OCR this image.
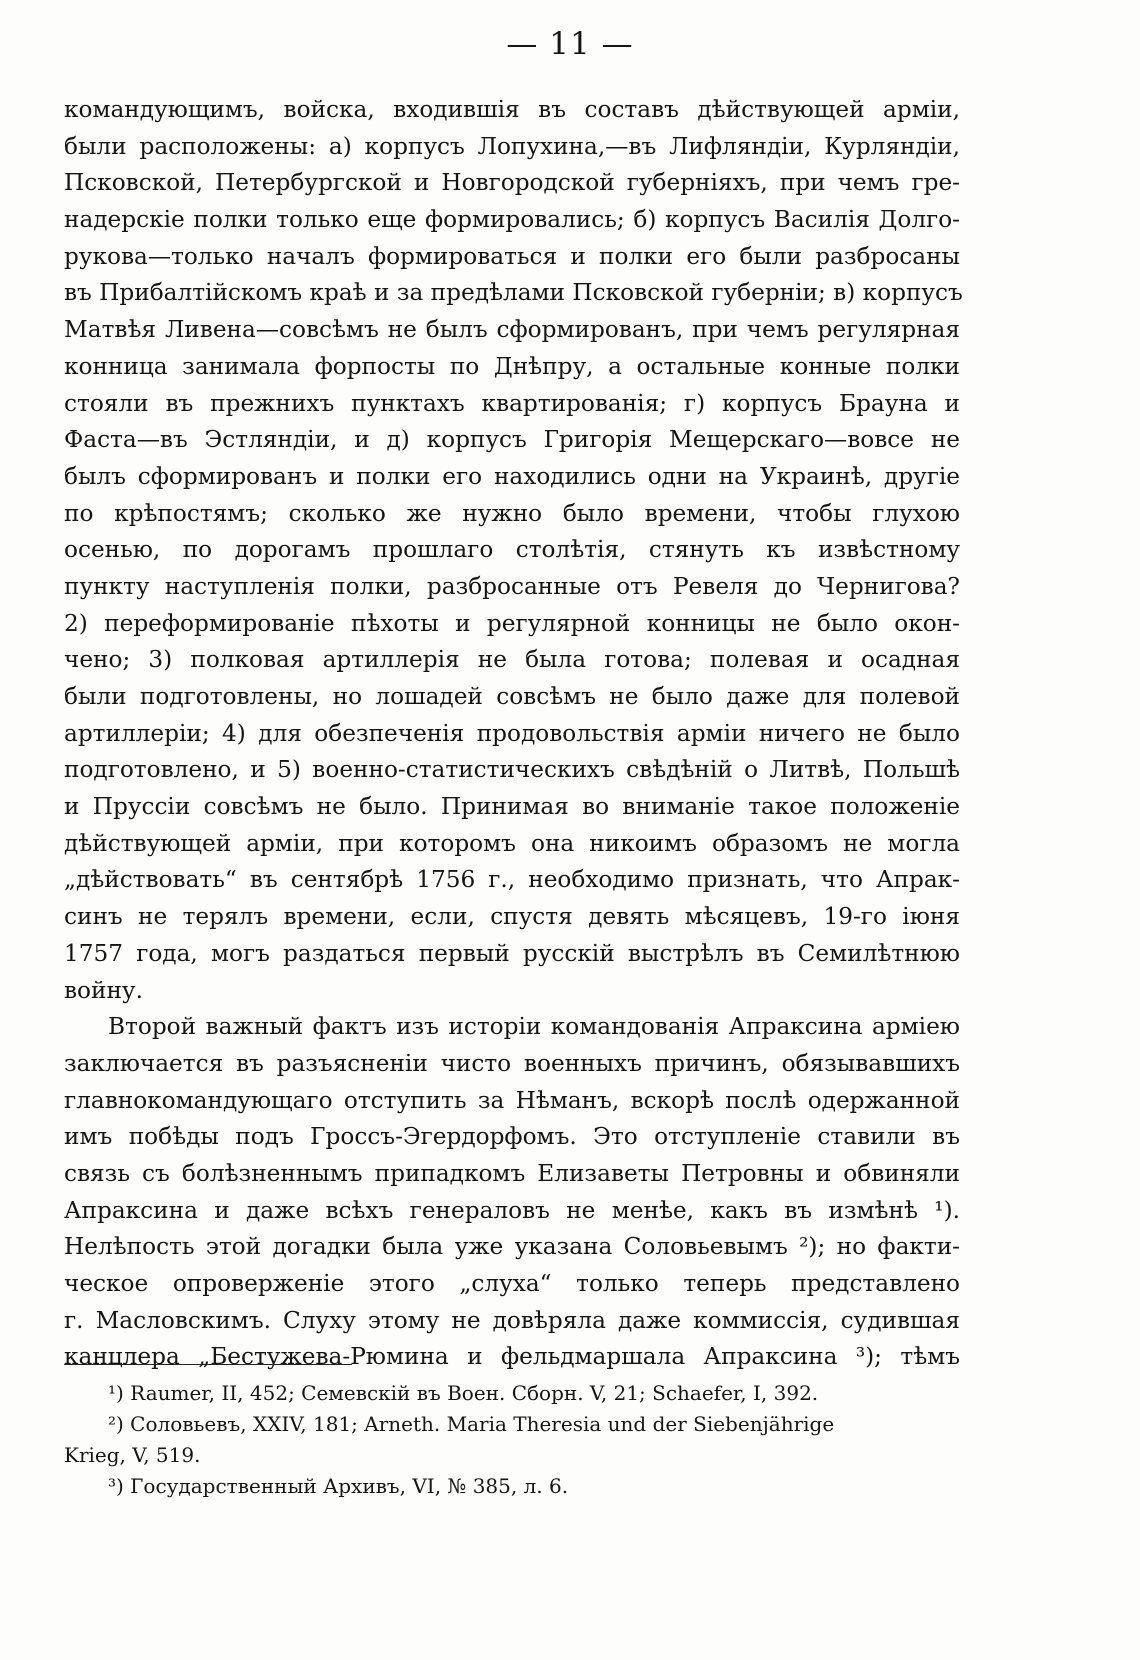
— 11 —
командующимъ, войска, входившія въ составъ дѣйствующей арміи,
были расположены: а) корпусъ Лопухина,—въ Лифляндіи, Курляндіи,
Псковской, Петербургской и Новгородской губерніяхъ, при чемъ гре-
надерскіе полки только еще формировались; б) корпусъ Василія Долго-
рукова—только началъ формироваться и полки его были разбросаны
въ Прибалтійскомъ краѣ и за предѣлами Псковской губерніи; в) корпусъ
Матвѣя Ливена—совсѣмъ не былъ сформированъ, при чемъ регулярная
конница занимала форпосты по Днѣпру, а остальные конные полки
стояли въ прежнихъ пунктахъ квартированія; г) корпусъ Брауна и
Фаста—въ Эстляндіи, и д) корпусъ Григорія Мещерскаго—вовсе не
былъ сформированъ и полки его находились одни на Украинѣ, другіе
по крѣпостямъ; сколько же нужно было времени, чтобы глухою
осенью, по дорогамъ прошлаго столѣтія, стянуть къ извѣстному
пункту наступленія полки, разбросанные отъ Ревеля до Чернигова?
2) переформированіе пѣхоты и регулярной конницы не было окон-
чено; 3) полковая артиллерія не была готова; полевая и осадная
были подготовлены, но лошадей совсѣмъ не было даже для полевой
артиллеріи; 4) для обезпеченія продовольствія арміи ничего не было
подготовлено, и 5) военно-статистическихъ свѣдѣній о Литвѣ, Польшѣ
и Пруссіи совсѣмъ не было. Принимая во вниманіе такое положеніе
дѣйствующей арміи, при которомъ она никоимъ образомъ не могла
„дѣйствовать“ въ сентябрѣ 1756 г., необходимо признать, что Апрак-
синъ не терялъ времени, если, спустя девять мѣсяцевъ, 19-го іюня
1757 года, могъ раздаться первый русскій выстрѣлъ въ Семилѣтнюю
войну.
Второй важный фактъ изъ исторіи командованія Апраксина арміею
заключается въ разъясненіи чисто военныхъ причинъ, обязывавшихъ
главнокомандующаго отступить за Нѣманъ, вскорѣ послѣ одержанной
имъ побѣды подъ Гроссъ-Эгердорфомъ. Это отступленіе ставили въ
связь съ болѣзненнымъ припадкомъ Елизаветы Петровны и обвиняли
Апраксина и даже всѣхъ генераловъ не менѣе, какъ въ измѣнѣ ¹).
Нелѣпость этой догадки была уже указана Соловьевымъ ²); но факти-
ческое опроверженіе этого „слуха“ только теперь представлено
г. Масловскимъ. Слуху этому не довѣряла даже коммиссія, судившая
канцлера „Бестужева-Рюмина и фельдмаршала Апраксина ³); тѣмъ
¹) Raumer, II, 452; Семевскій въ Воен. Сборн. V, 21; Schaefer, I, 392.
²) Соловьевъ, XXIV, 181; Arneth. Maria Theresia und der Siebenjährige
Krieg, V, 519.
³) Государственный Архивъ, VI, № 385, л. 6.
